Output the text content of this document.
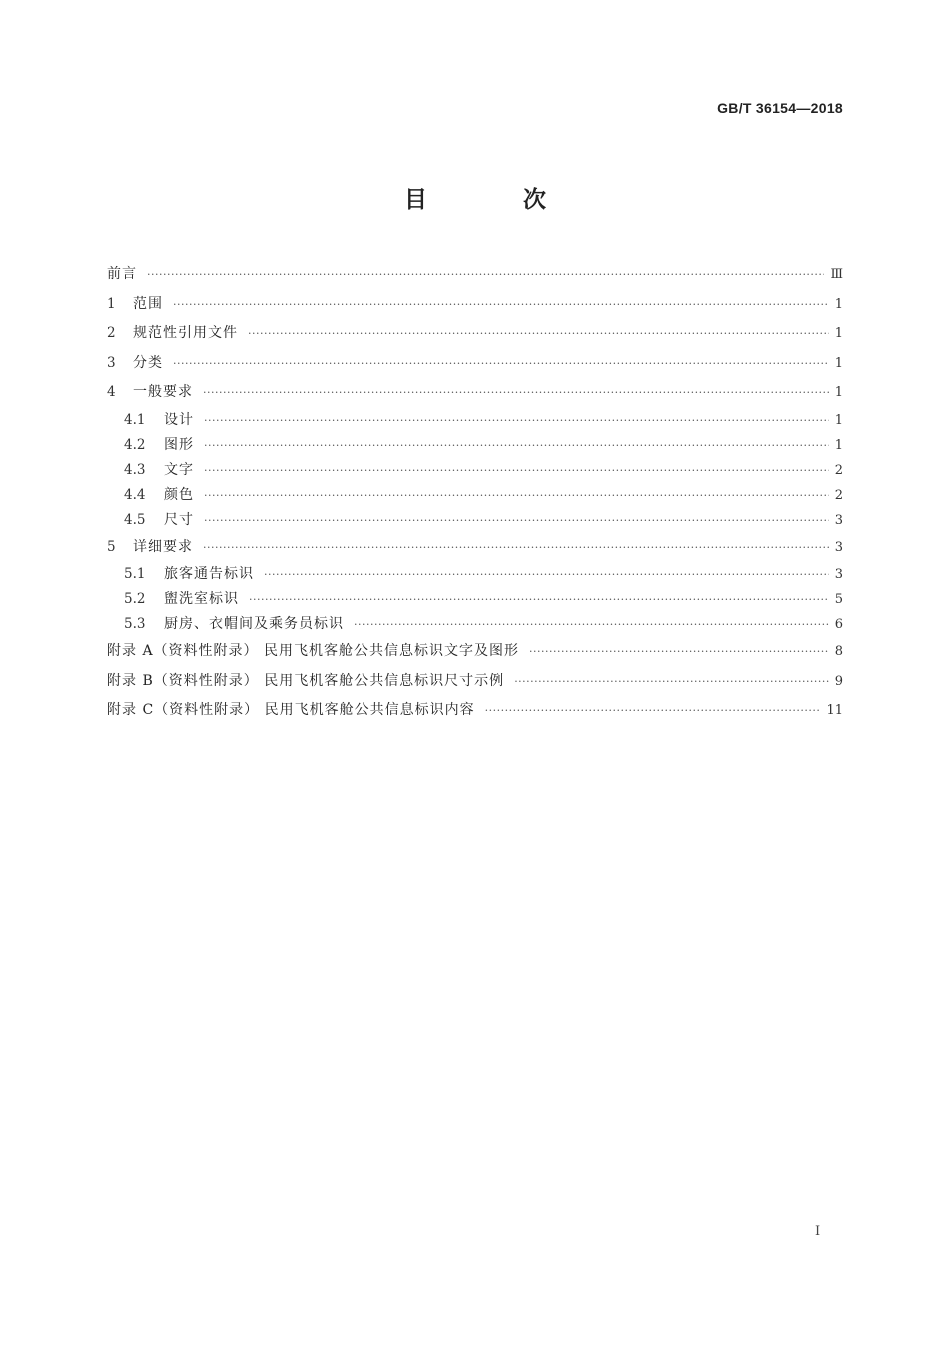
GB/T 36154—2018
目 次
前言 ·····	Ⅲ
1	范围 ·····	1
2	规范性引用文件 ·····	1
3	分类 ·····	1
4	一般要求 ·····	1
4.1	设计 ·····	1
4.2	图形 ·····	1
4.3	文字 ·····	2
4.4	颜色 ·····	2
4.5	尺寸 ·····	3
5	详细要求 ·····	3
5.1	旅客通告标识 ·····	3
5.2	盥洗室标识 ·····	5
5.3	厨房、衣帽间及乘务员标识 ·····	6
附录 A（资料性附录） 民用飞机客舱公共信息标识文字及图形 ·····	8
附录 B（资料性附录） 民用飞机客舱公共信息标识尺寸示例 ·····	9
附录 C（资料性附录） 民用飞机客舱公共信息标识内容 ·····	11
Ⅰ
